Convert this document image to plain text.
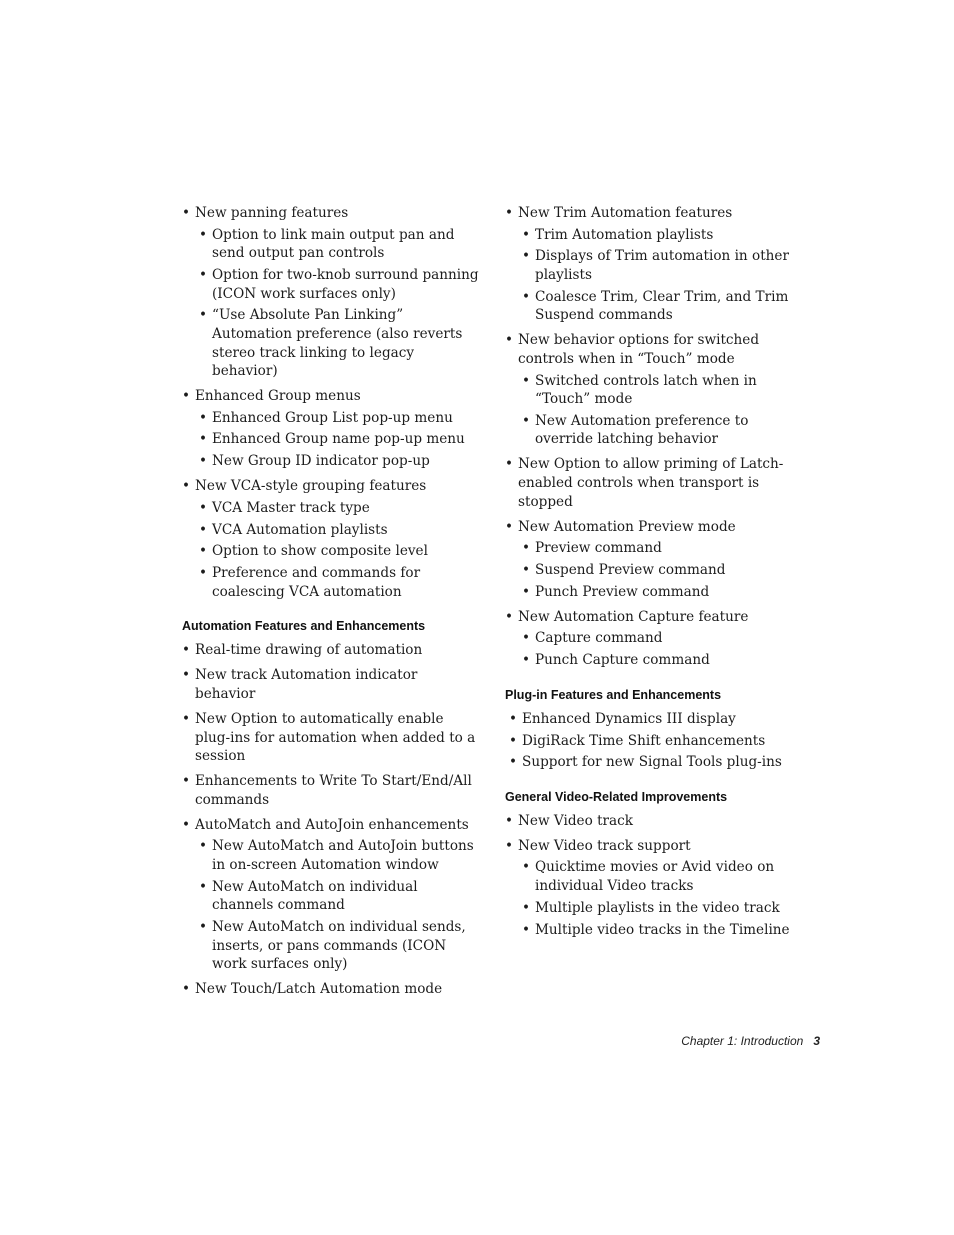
• New panning features
• Option to link main output pan and send output pan controls
• Option for two-knob surround panning (ICON work surfaces only)
• “Use Absolute Pan Linking” Automation preference (also reverts stereo track linking to legacy behavior)
• Enhanced Group menus
• Enhanced Group List pop-up menu
• Enhanced Group name pop-up menu
• New Group ID indicator pop-up
• New VCA-style grouping features
• VCA Master track type
• VCA Automation playlists
• Option to show composite level
• Preference and commands for coalescing VCA automation
Automation Features and Enhancements
• Real-time drawing of automation
• New track Automation indicator behavior
• New Option to automatically enable plug-ins for automation when added to a session
• Enhancements to Write To Start/End/All commands
• AutoMatch and AutoJoin enhancements
• New AutoMatch and AutoJoin buttons in on-screen Automation window
• New AutoMatch on individual channels command
• New AutoMatch on individual sends, inserts, or pans commands (ICON work surfaces only)
• New Touch/Latch Automation mode
• New Trim Automation features
• Trim Automation playlists
• Displays of Trim automation in other playlists
• Coalesce Trim, Clear Trim, and Trim Suspend commands
• New behavior options for switched controls when in “Touch” mode
• Switched controls latch when in “Touch” mode
• New Automation preference to override latching behavior
• New Option to allow priming of Latch-enabled controls when transport is stopped
• New Automation Preview mode
• Preview command
• Suspend Preview command
• Punch Preview command
• New Automation Capture feature
• Capture command
• Punch Capture command
Plug-in Features and Enhancements
• Enhanced Dynamics III display
• DigiRack Time Shift enhancements
• Support for new Signal Tools plug-ins
General Video-Related Improvements
• New Video track
• New Video track support
• Quicktime movies or Avid video on individual Video tracks
• Multiple playlists in the video track
• Multiple video tracks in the Timeline
Chapter 1: Introduction 3
